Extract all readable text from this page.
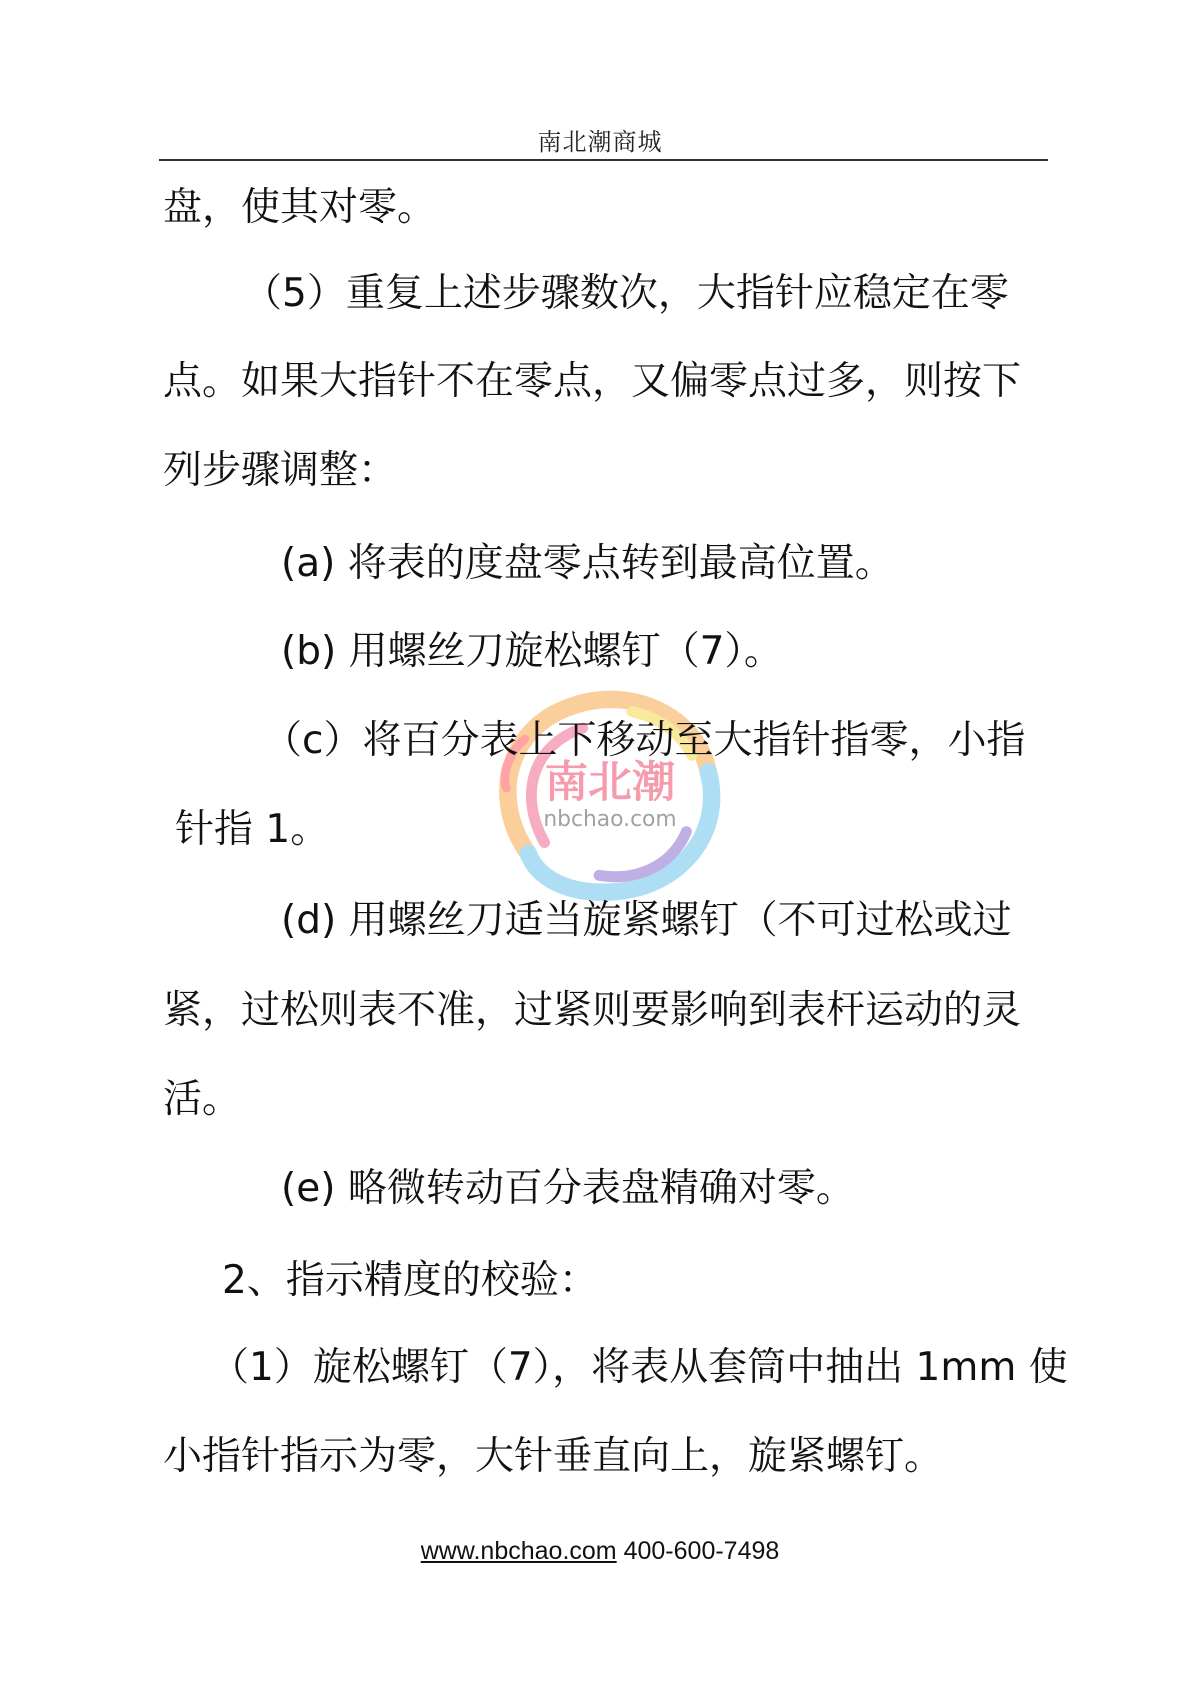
南北潮商城
南北潮
nbchao.com
盘，使其对零。
（5）重复上述步骤数次，大指针应稳定在零
点。如果大指针不在零点，又偏零点过多，则按下
列步骤调整：
(a) 将表的度盘零点转到最高位置。
(b) 用螺丝刀旋松螺钉（7）。
（c）将百分表上下移动至大指针指零，小指
针指 1。
(d) 用螺丝刀适当旋紧螺钉（不可过松或过
紧，过松则表不准，过紧则要影响到表杆运动的灵
活。
(e) 略微转动百分表盘精确对零。
2、指示精度的校验：
（1）旋松螺钉（7），将表从套筒中抽出 1mm 使
小指针指示为零，大针垂直向上，旋紧螺钉。
www.nbchao.com 400-600-7498
